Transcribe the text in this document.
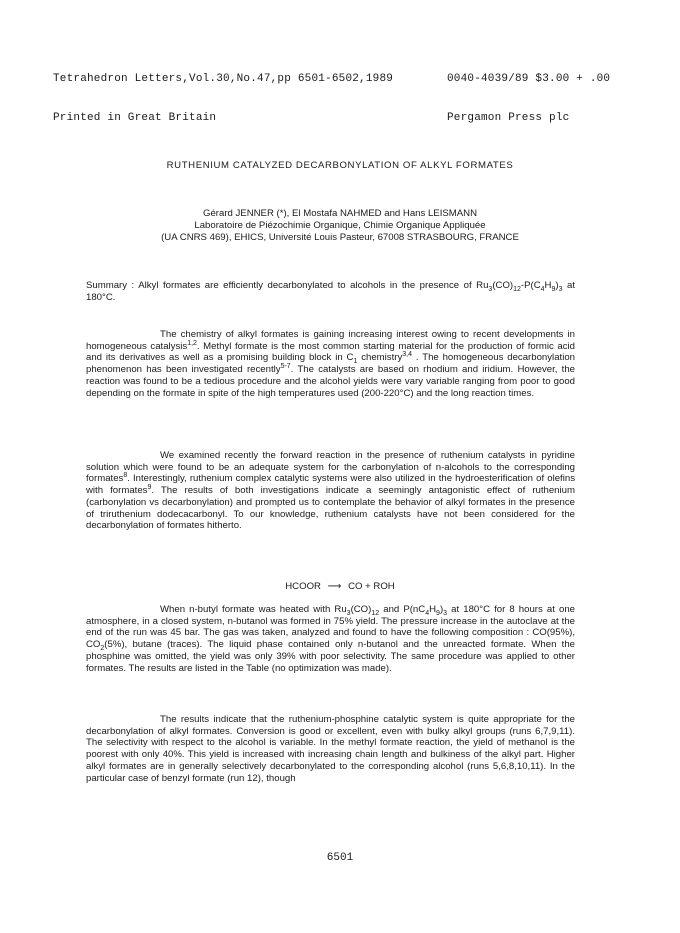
Tetrahedron Letters,Vol.30,No.47,pp 6501-6502,1989

Printed in Great Britain

0040-4039/89 $3.00 + .00

Pergamon Press plc

RUTHENIUM CATALYZED DECARBONYLATION OF ALKYL FORMATES
Gérard JENNER (*), El Mostafa NAHMED and Hans LEISMANN
Laboratoire de Piézochimie Organique, Chimie Organique Appliquée
(UA CNRS 469), EHICS, Université Louis Pasteur, 67008 STRASBOURG, FRANCE

Summary : Alkyl formates are efficiently decarbonylated to alcohols in the presence of $Ru_3(CO)_{12}-P(C_4H_9)_3$ at 180°C.

The chemistry of alkyl formates is gaining increasing interest owing to recent developments in homogeneous catalysis$^{1,2}$. Methyl formate is the most common starting material for the production of formic acid and its derivatives as well as a promising building block in $C_1$ chemistry$^{3,4}$ . The homogeneous decarbonylation phenomenon has been investigated recently$^{5-7}$. The catalysts are based on rhodium and iridium. However, the reaction was found to be a tedious procedure and the alcohol yields were vary variable ranging from poor to good depending on the formate in spite of the high temperatures used (200-220°C) and the long reaction times.

We examined recently the forward reaction in the presence of ruthenium catalysts in pyridine solution which were found to be an adequate system for the carbonylation of n-alcohols to the corresponding formates$^8$. Interestingly, ruthenium complex catalytic systems were also utilized in the hydroesterification of olefins with formates$^9$. The results of both investigations indicate a seemingly antagonistic effect of ruthenium (carbonylation vs decarbonylation) and prompted us to contemplate the behavior of alkyl formates in the presence of triruthenium dodecacarbonyl. To our knowledge, ruthenium catalysts have not been considered for the decarbonylation of formates hitherto.

HCOOR ⟶ CO + ROH

When n-butyl formate was heated with $Ru_3(CO)_{12}$ and $P(nC_4H_9)_3$ at 180°C for 8 hours at one atmosphere, in a closed system, n-butanol was formed in 75% yield. The pressure increase in the autoclave at the end of the run was 45 bar. The gas was taken, analyzed and found to have the following composition : CO(95%), $CO_2(5\%)$, butane (traces). The liquid phase contained only n-butanol and the unreacted formate. When the phosphine was omitted, the yield was only 39% with poor selectivity. The same procedure was applied to other formates. The results are listed in the Table (no optimization was made).

The results indicate that the ruthenium-phosphine catalytic system is quite appropriate for the decarbonylation of alkyl formates. Conversion is good or excellent, even with bulky alkyl groups (runs 6,7,9,11). The selectivity with respect to the alcohol is variable. In the methyl formate reaction, the yield of methanol is the poorest with only 40%. This yield is increased with increasing chain length and bulkiness of the alkyl part. Higher alkyl formates are in generally selectively decarbonylated to the corresponding alcohol (runs 5,6,8,10,11). In the particular case of benzyl formate (run 12), though

6501
